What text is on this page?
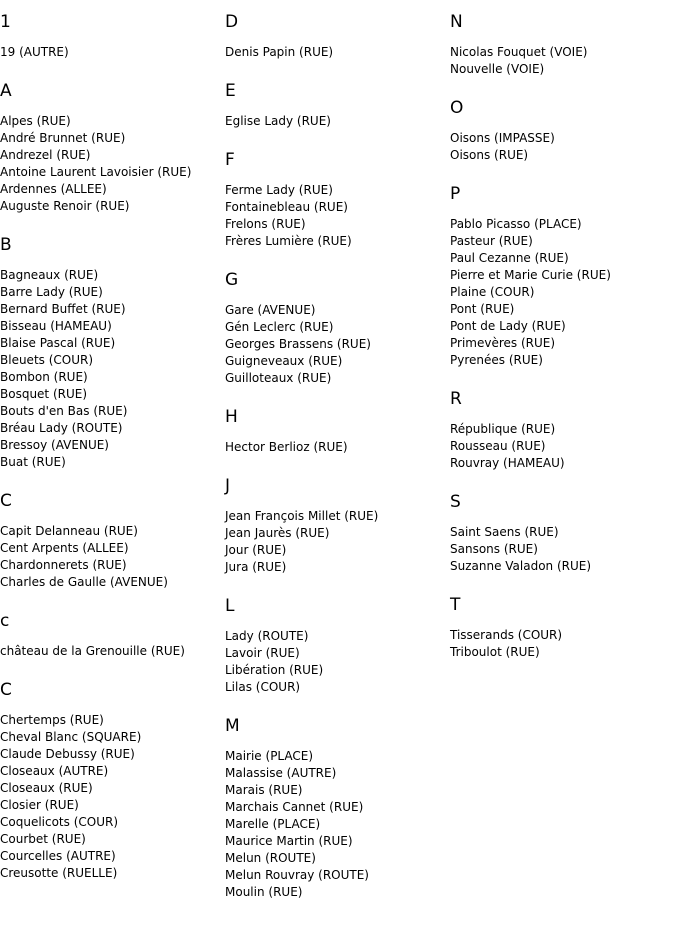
1
19 (AUTRE)
A
Alpes (RUE)
André Brunnet (RUE)
Andrezel (RUE)
Antoine Laurent Lavoisier (RUE)
Ardennes (ALLEE)
Auguste Renoir (RUE)
B
Bagneaux (RUE)
Barre Lady (RUE)
Bernard Buffet (RUE)
Bisseau (HAMEAU)
Blaise Pascal (RUE)
Bleuets (COUR)
Bombon (RUE)
Bosquet (RUE)
Bouts d'en Bas (RUE)
Bréau Lady (ROUTE)
Bressoy (AVENUE)
Buat (RUE)
C
Capit Delanneau (RUE)
Cent Arpents (ALLEE)
Chardonnerets (RUE)
Charles de Gaulle (AVENUE)
c
château de la Grenouille (RUE)
C
Chertemps (RUE)
Cheval Blanc (SQUARE)
Claude Debussy (RUE)
Closeaux (AUTRE)
Closeaux (RUE)
Closier (RUE)
Coquelicots (COUR)
Courbet (RUE)
Courcelles (AUTRE)
Creusotte (RUELLE)
D
Denis Papin (RUE)
E
Eglise Lady (RUE)
F
Ferme Lady (RUE)
Fontainebleau (RUE)
Frelons (RUE)
Frères Lumière (RUE)
G
Gare (AVENUE)
Gén Leclerc (RUE)
Georges Brassens (RUE)
Guigneveaux (RUE)
Guilloteaux (RUE)
H
Hector Berlioz (RUE)
J
Jean François Millet (RUE)
Jean Jaurès (RUE)
Jour (RUE)
Jura (RUE)
L
Lady (ROUTE)
Lavoir (RUE)
Libération (RUE)
Lilas (COUR)
M
Mairie (PLACE)
Malassise (AUTRE)
Marais (RUE)
Marchais Cannet (RUE)
Marelle (PLACE)
Maurice Martin (RUE)
Melun (ROUTE)
Melun Rouvray (ROUTE)
Moulin (RUE)
N
Nicolas Fouquet (VOIE)
Nouvelle (VOIE)
O
Oisons (IMPASSE)
Oisons (RUE)
P
Pablo Picasso (PLACE)
Pasteur (RUE)
Paul Cezanne (RUE)
Pierre et Marie Curie (RUE)
Plaine (COUR)
Pont (RUE)
Pont de Lady (RUE)
Primevères (RUE)
Pyrenées (RUE)
R
République (RUE)
Rousseau (RUE)
Rouvray (HAMEAU)
S
Saint Saens (RUE)
Sansons (RUE)
Suzanne Valadon (RUE)
T
Tisserands (COUR)
Triboulot (RUE)
